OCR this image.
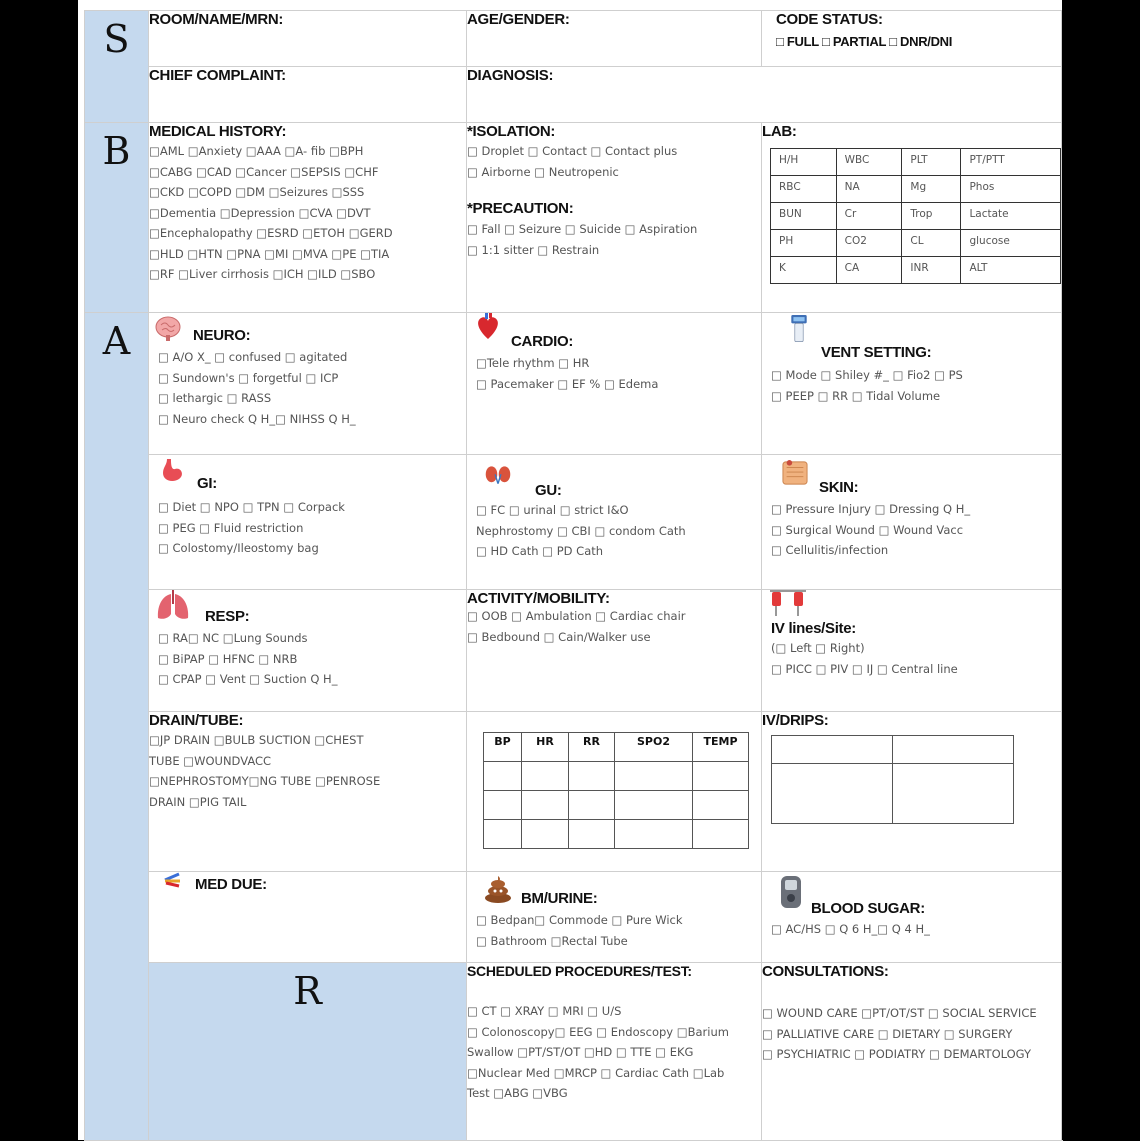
S	ROOM/NAME/MRN:	AGE/GENDER:	CODE STATUS:
□ FULL □ PARTIAL □ DNR/DNI

CHIEF COMPLAINT:	DIAGNOSIS:

B	MEDICAL HISTORY:
□AML □Anxiety □AAA □A- fib □BPH
□CABG □CAD □Cancer □SEPSIS □CHF
□CKD □COPD □DM □Seizures □SSS
□Dementia □Depression □CVA □DVT
□Encephalopathy □ESRD □ETOH □GERD
□HLD □HTN □PNA □MI □MVA □PE □TIA
□RF □Liver cirrhosis □ICH □ILD □SBO

*ISOLATION:
□ Droplet □ Contact □ Contact plus
□ Airborne □ Neutropenic
*PRECAUTION:
□ Fall □ Seizure □ Suicide □ Aspiration
□ 1:1 sitter □ Restrain

LAB:
H/H	WBC	PLT	PT/PTT
RBC	NA	Mg	Phos
BUN	Cr	Trop	Lactate
PH	CO2	CL	glucose
K	CA	INR	ALT

A	NEURO:
□ A/O X_ □ confused □ agitated
□ Sundown's □ forgetful □ ICP
□ lethargic □ RASS
□ Neuro check Q H_□ NIHSS Q H_

CARDIO:
□Tele rhythm □ HR
□ Pacemaker □ EF % □ Edema

VENT SETTING:
□ Mode □ Shiley #_ □ Fio2 □ PS
□ PEEP □ RR □ Tidal Volume

GI:
□ Diet □ NPO □ TPN □ Corpack
□ PEG □ Fluid restriction
□ Colostomy/Ileostomy bag

GU:
□ FC □ urinal □ strict I&O
Nephrostomy □ CBI □ condom Cath
□ HD Cath □ PD Cath

SKIN:
□ Pressure Injury □ Dressing Q H_
□ Surgical Wound □ Wound Vacc
□ Cellulitis/infection

RESP:
□ RA□ NC □Lung Sounds
□ BiPAP □ HFNC □ NRB
□ CPAP □ Vent □ Suction Q H_

ACTIVITY/MOBILITY:
□ OOB □ Ambulation □ Cardiac chair
□ Bedbound □ Cain/Walker use	IV lines/Site:
(□ Left □ Right)
□ PICC □ PIV □ IJ □ Central line

DRAIN/TUBE:
□JP DRAIN □BULB SUCTION □CHEST
TUBE □WOUNDVACC
□NEPHROSTOMY□NG TUBE □PENROSE
DRAIN □PIG TAIL

BP	HR	RR	SPO2	TEMP

IV/DRIPS:

MED DUE:

BM/URINE:
□ Bedpan□ Commode □ Pure Wick
□ Bathroom □Rectal Tube

BLOOD SUGAR:
□ AC/HS □ Q 6 H_□ Q 4 H_

R	SCHEDULED PROCEDURES/TEST:
□ CT □ XRAY □ MRI □ U/S
□ Colonoscopy□ EEG □ Endoscopy □Barium
Swallow □PT/ST/OT □HD □ TTE □ EKG
□Nuclear Med □MRCP □ Cardiac Cath □Lab
Test □ABG □VBG

CONSULTATIONS:
□ WOUND CARE □PT/OT/ST □ SOCIAL SERVICE
□ PALLIATIVE CARE □ DIETARY □ SURGERY
□ PSYCHIATRIC □ PODIATRY □ DEMARTOLOGY
